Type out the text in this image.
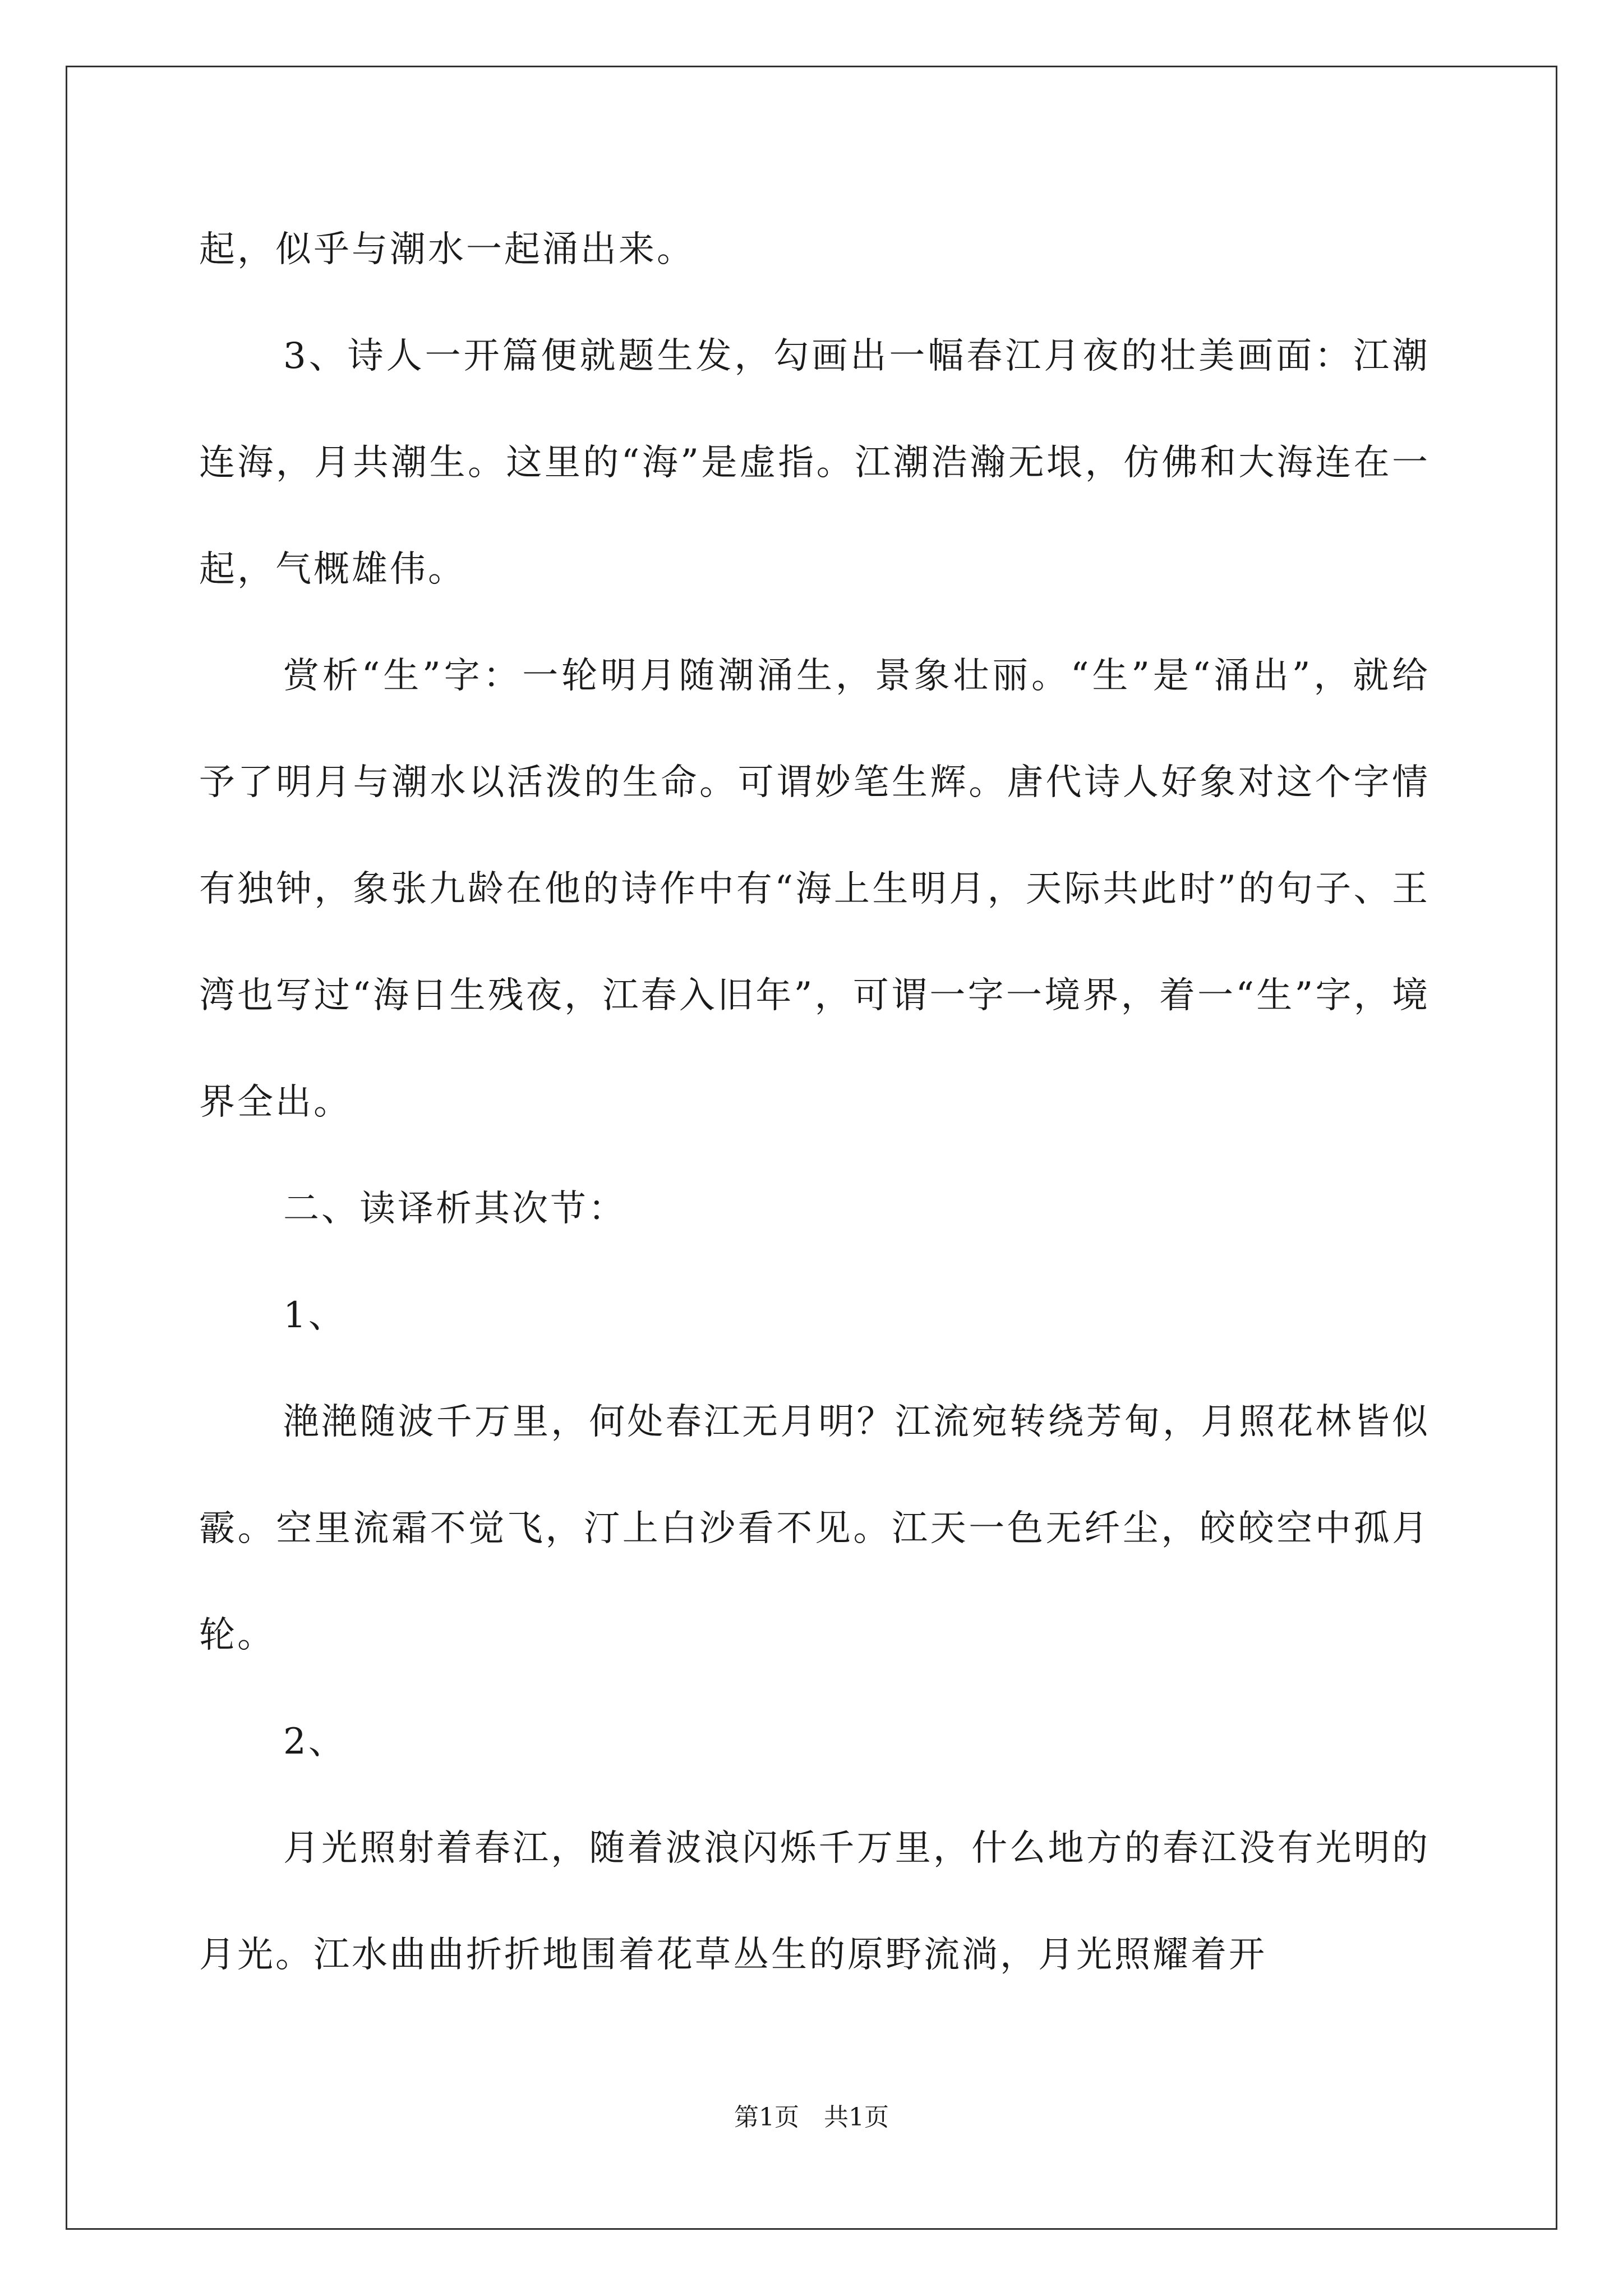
起，似乎与潮水一起涌出来。

3、诗人一开篇便就题生发，勾画出一幅春江月夜的壮美画面：江潮连海，月共潮生。这里的“海”是虚指。江潮浩瀚无垠，仿佛和大海连在一起，气概雄伟。

赏析“生”字：一轮明月随潮涌生，景象壮丽。“生”是“涌出”，就给予了明月与潮水以活泼的生命。可谓妙笔生辉。唐代诗人好象对这个字情有独钟，象张九龄在他的诗作中有“海上生明月，天际共此时”的句子、王湾也写过“海日生残夜，江春入旧年”，可谓一字一境界，着一“生”字，境界全出。

二、读译析其次节：

1、

滟滟随波千万里，何处春江无月明？江流宛转绕芳甸，月照花林皆似霰。空里流霜不觉飞，汀上白沙看不见。江天一色无纤尘，皎皎空中孤月轮。

2、

月光照射着春江，随着波浪闪烁千万里，什么地方的春江没有光明的月光。江水曲曲折折地围着花草丛生的原野流淌，月光照耀着开

第1页　共1页
